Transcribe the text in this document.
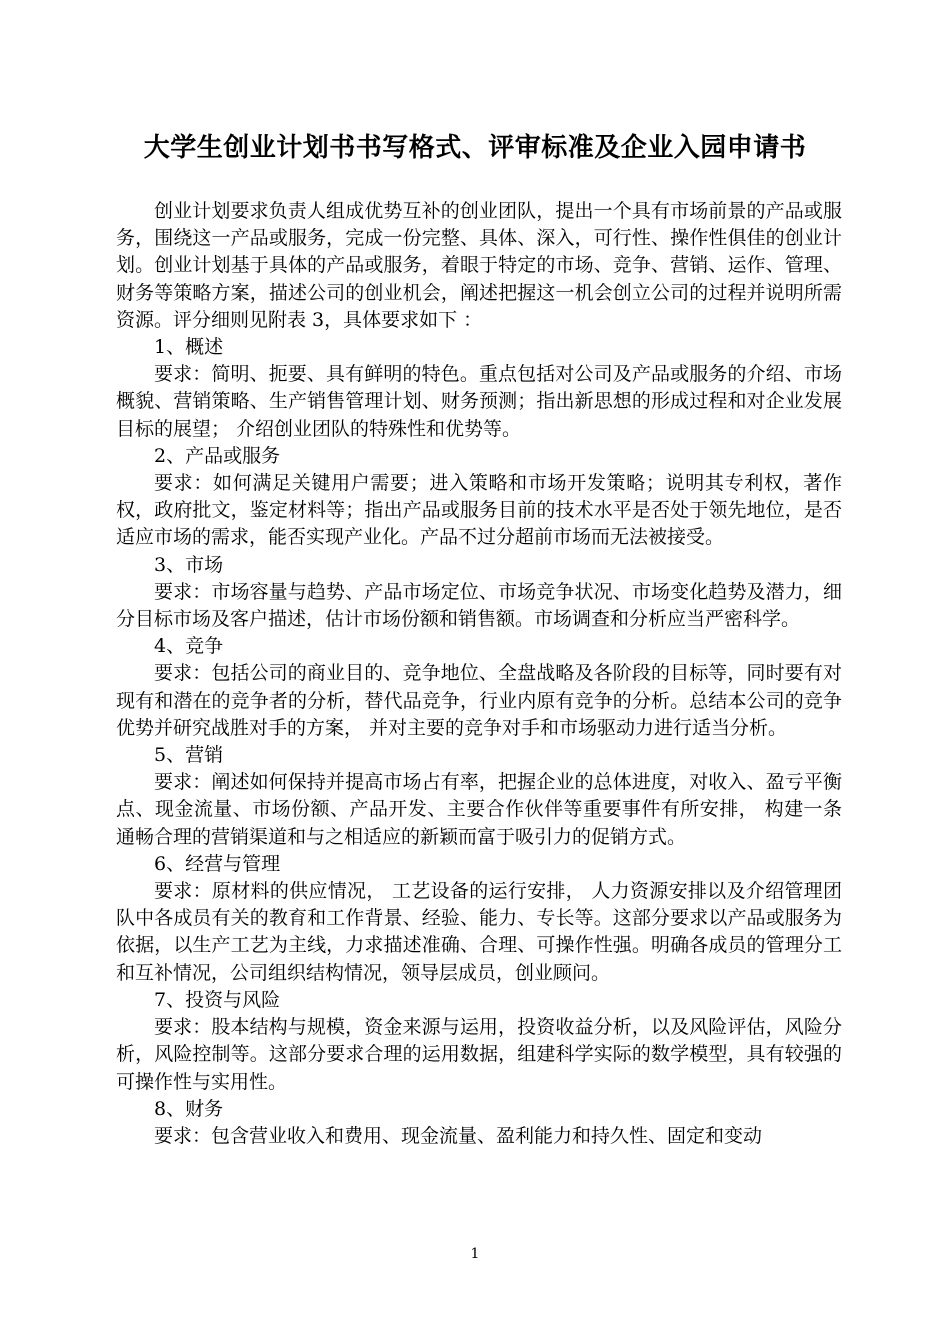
大学生创业计划书书写格式、评审标准及企业入园申请书

创业计划要求负责人组成优势互补的创业团队，提出一个具有市场前景的产品或服务，围绕这一产品或服务，完成一份完整、具体、深入，可行性、操作性俱佳的创业计划。创业计划基于具体的产品或服务，着眼于特定的市场、竞争、营销、运作、管理、财务等策略方案，描述公司的创业机会，阐述把握这一机会创立公司的过程并说明所需资源。评分细则见附表 3，具体要求如下 ：

1、概述

要求：简明、扼要、具有鲜明的特色。重点包括对公司及产品或服务的介绍、市场概貌、营销策略、生产销售管理计划、财务预测；指出新思想的形成过程和对企业发展目标的展望； 介绍创业团队的特殊性和优势等。

2、产品或服务

要求：如何满足关键用户需要；进入策略和市场开发策略；说明其专利权，著作权，政府批文，鉴定材料等；指出产品或服务目前的技术水平是否处于领先地位，是否适应市场的需求，能否实现产业化。产品不过分超前市场而无法被接受。

3、市场

要求：市场容量与趋势、产品市场定位、市场竞争状况、市场变化趋势及潜力，细分目标市场及客户描述，估计市场份额和销售额。市场调查和分析应当严密科学。

4、竞争

要求：包括公司的商业目的、竞争地位、全盘战略及各阶段的目标等，同时要有对现有和潜在的竞争者的分析，替代品竞争，行业内原有竞争的分析。总结本公司的竞争优势并研究战胜对手的方案， 并对主要的竞争对手和市场驱动力进行适当分析。

5、营销

要求：阐述如何保持并提高市场占有率，把握企业的总体进度，对收入、盈亏平衡点、现金流量、市场份额、产品开发、主要合作伙伴等重要事件有所安排， 构建一条通畅合理的营销渠道和与之相适应的新颖而富于吸引力的促销方式。

6、经营与管理

要求：原材料的供应情况， 工艺设备的运行安排， 人力资源安排以及介绍管理团队中各成员有关的教育和工作背景、经验、能力、专长等。这部分要求以产品或服务为依据，以生产工艺为主线，力求描述准确、合理、可操作性强。明确各成员的管理分工和互补情况，公司组织结构情况，领导层成员，创业顾问。

7、投资与风险

要求：股本结构与规模，资金来源与运用，投资收益分析，以及风险评估，风险分析，风险控制等。这部分要求合理的运用数据，组建科学实际的数学模型，具有较强的可操作性与实用性。

8、财务

要求：包含营业收入和费用、现金流量、盈利能力和持久性、固定和变动

1
